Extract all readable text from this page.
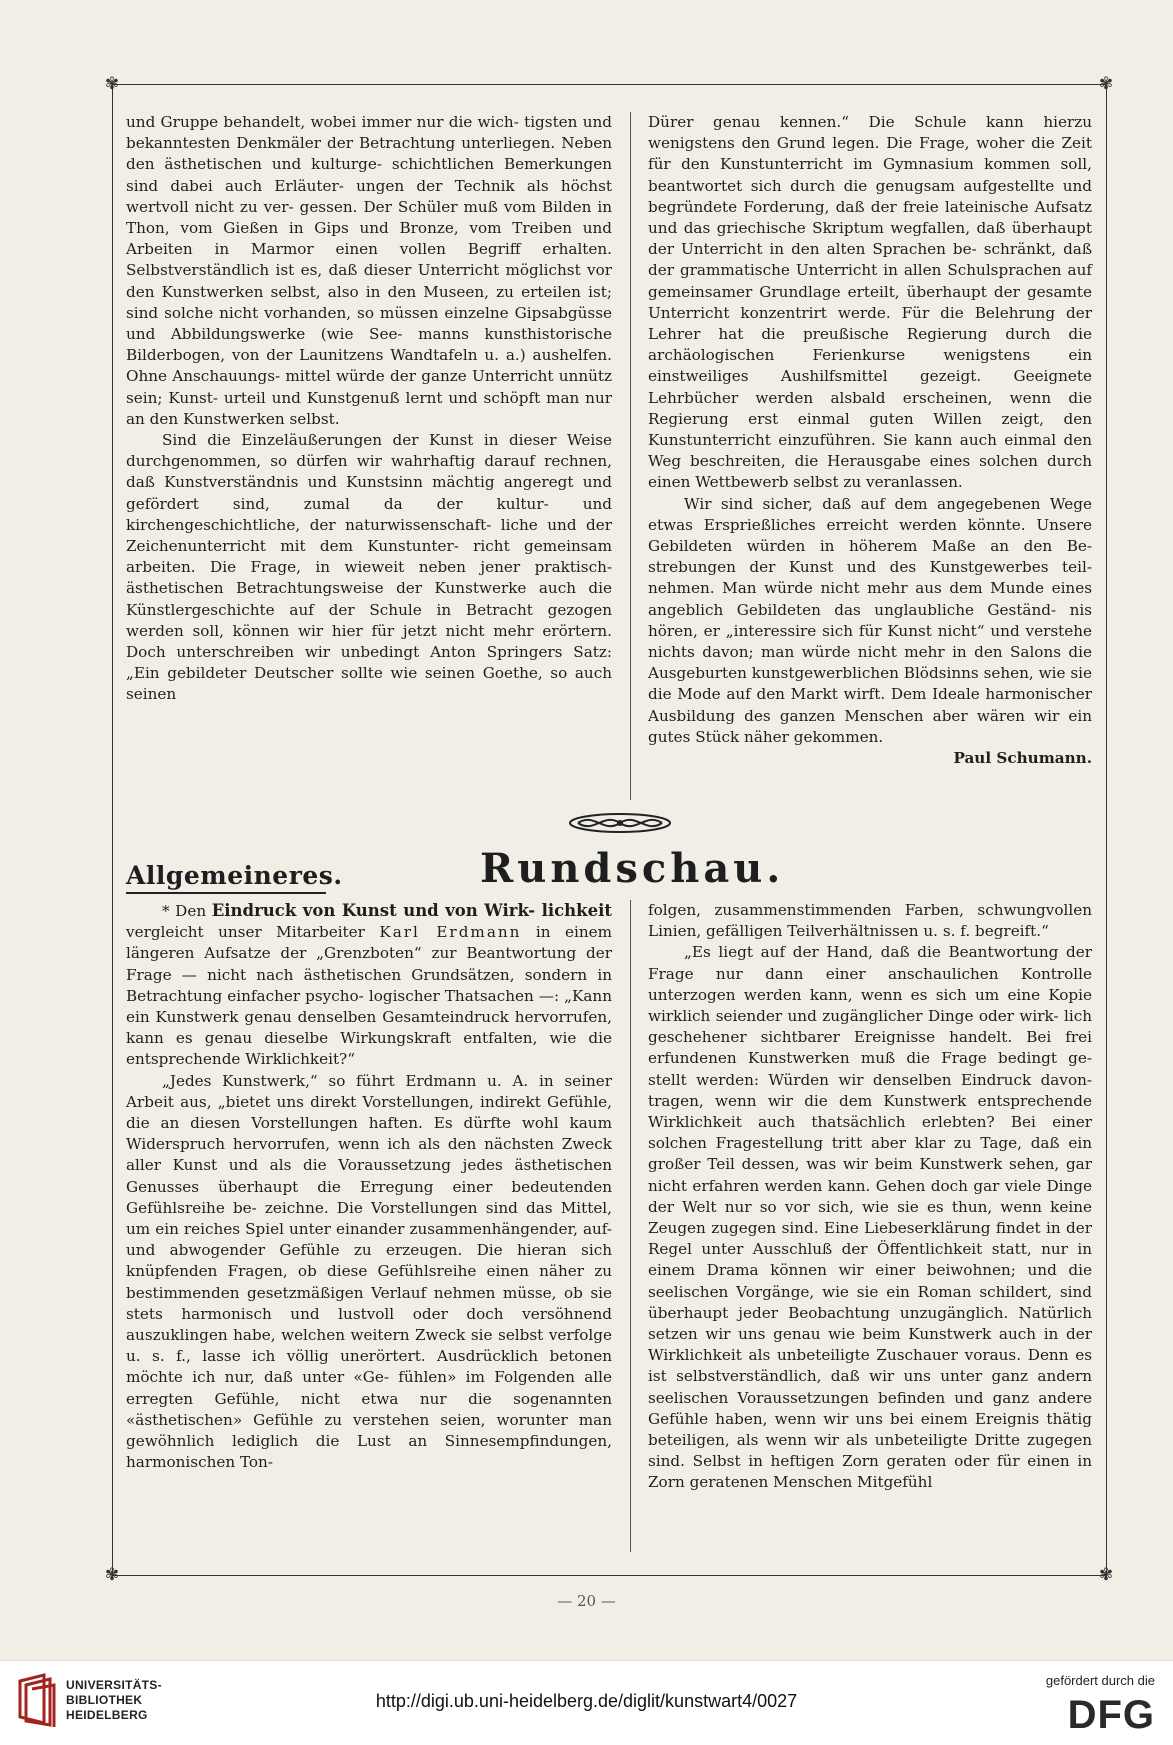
✾	✾
✾	✾

und Gruppe behandelt, wobei immer nur die wich- tigsten und bekanntesten Denkmäler der Betrachtung unterliegen. Neben den ästhetischen und kulturge- schichtlichen Bemerkungen sind dabei auch Erläuter- ungen der Technik als höchst wertvoll nicht zu ver- gessen. Der Schüler muß vom Bilden in Thon, vom Gießen in Gips und Bronze, vom Treiben und Arbeiten in Marmor einen vollen Begriff erhalten. Selbstverständlich ist es, daß dieser Unterricht möglichst vor den Kunstwerken selbst, also in den Museen, zu erteilen ist; sind solche nicht vorhanden, so müssen einzelne Gipsabgüsse und Abbildungswerke (wie See- manns kunsthistorische Bilderbogen, von der Launitzens Wandtafeln u. a.) aushelfen. Ohne Anschauungs- mittel würde der ganze Unterricht unnütz sein; Kunst- urteil und Kunstgenuß lernt und schöpft man nur an den Kunstwerken selbst.

Sind die Einzeläußerungen der Kunst in dieser Weise durchgenommen, so dürfen wir wahrhaftig darauf rechnen, daß Kunstverständnis und Kunstsinn mächtig angeregt und gefördert sind, zumal da der kultur- und kirchengeschichtliche, der naturwissenschaft- liche und der Zeichenunterricht mit dem Kunstunter- richt gemeinsam arbeiten. Die Frage, in wieweit neben jener praktisch-ästhetischen Betrachtungsweise der Kunstwerke auch die Künstlergeschichte auf der Schule in Betracht gezogen werden soll, können wir hier für jetzt nicht mehr erörtern. Doch unterschreiben wir unbedingt Anton Springers Satz: „Ein gebildeter Deutscher sollte wie seinen Goethe, so auch seinen

Dürer genau kennen.“ Die Schule kann hierzu wenigstens den Grund legen. Die Frage, woher die Zeit für den Kunstunterricht im Gymnasium kommen soll, beantwortet sich durch die genugsam aufgestellte und begründete Forderung, daß der freie lateinische Aufsatz und das griechische Skriptum wegfallen, daß überhaupt der Unterricht in den alten Sprachen be- schränkt, daß der grammatische Unterricht in allen Schulsprachen auf gemeinsamer Grundlage erteilt, überhaupt der gesamte Unterricht konzentrirt werde. Für die Belehrung der Lehrer hat die preußische Regierung durch die archäologischen Ferienkurse wenigstens ein einstweiliges Aushilfsmittel gezeigt. Geeignete Lehrbücher werden alsbald erscheinen, wenn die Regierung erst einmal guten Willen zeigt, den Kunstunterricht einzuführen. Sie kann auch einmal den Weg beschreiten, die Herausgabe eines solchen durch einen Wettbewerb selbst zu veranlassen.

Wir sind sicher, daß auf dem angegebenen Wege etwas Ersprießliches erreicht werden könnte. Unsere Gebildeten würden in höherem Maße an den Be- strebungen der Kunst und des Kunstgewerbes teil- nehmen. Man würde nicht mehr aus dem Munde eines angeblich Gebildeten das unglaubliche Geständ- nis hören, er „interessire sich für Kunst nicht“ und verstehe nichts davon; man würde nicht mehr in den Salons die Ausgeburten kunstgewerblichen Blödsinns sehen, wie sie die Mode auf den Markt wirft. Dem Ideale harmonischer Ausbildung des ganzen Menschen aber wären wir ein gutes Stück näher gekommen.

Paul Schumann.

Allgemeineres.	Rundschau.

* Den Eindruck von Kunst und von Wirk- lichkeit vergleicht unser Mitarbeiter Karl Erdmann in einem längeren Aufsatze der „Grenzboten“ zur Beantwortung der Frage — nicht nach ästhetischen Grundsätzen, sondern in Betrachtung einfacher psycho- logischer Thatsachen —: „Kann ein Kunstwerk genau denselben Gesamteindruck hervorrufen, kann es genau dieselbe Wirkungskraft entfalten, wie die entsprechende Wirklichkeit?“

„Jedes Kunstwerk,“ so führt Erdmann u. A. in seiner Arbeit aus, „bietet uns direkt Vorstellungen, indirekt Gefühle, die an diesen Vorstellungen haften. Es dürfte wohl kaum Widerspruch hervorrufen, wenn ich als den nächsten Zweck aller Kunst und als die Voraussetzung jedes ästhetischen Genusses überhaupt die Erregung einer bedeutenden Gefühlsreihe be- zeichne. Die Vorstellungen sind das Mittel, um ein reiches Spiel unter einander zusammenhängender, auf- und abwogender Gefühle zu erzeugen. Die hieran sich knüpfenden Fragen, ob diese Gefühlsreihe einen näher zu bestimmenden gesetzmäßigen Verlauf nehmen müsse, ob sie stets harmonisch und lustvoll oder doch versöhnend auszuklingen habe, welchen weitern Zweck sie selbst verfolge u. s. f., lasse ich völlig unerörtert. Ausdrücklich betonen möchte ich nur, daß unter «Ge- fühlen» im Folgenden alle erregten Gefühle, nicht etwa nur die sogenannten «ästhetischen» Gefühle zu verstehen seien, worunter man gewöhnlich lediglich die Lust an Sinnesempfindungen, harmonischen Ton-

folgen, zusammenstimmenden Farben, schwungvollen Linien, gefälligen Teilverhältnissen u. s. f. begreift.“

„Es liegt auf der Hand, daß die Beantwortung der Frage nur dann einer anschaulichen Kontrolle unterzogen werden kann, wenn es sich um eine Kopie wirklich seiender und zugänglicher Dinge oder wirk- lich geschehener sichtbarer Ereignisse handelt. Bei frei erfundenen Kunstwerken muß die Frage bedingt ge- stellt werden: Würden wir denselben Eindruck davon- tragen, wenn wir die dem Kunstwerk entsprechende Wirklichkeit auch thatsächlich erlebten? Bei einer solchen Fragestellung tritt aber klar zu Tage, daß ein großer Teil dessen, was wir beim Kunstwerk sehen, gar nicht erfahren werden kann. Gehen doch gar viele Dinge der Welt nur so vor sich, wie sie es thun, wenn keine Zeugen zugegen sind. Eine Liebeserklärung findet in der Regel unter Ausschluß der Öffentlichkeit statt, nur in einem Drama können wir einer beiwohnen; und die seelischen Vorgänge, wie sie ein Roman schildert, sind überhaupt jeder Beobachtung unzugänglich. Natürlich setzen wir uns genau wie beim Kunstwerk auch in der Wirklichkeit als unbeteiligte Zuschauer voraus. Denn es ist selbstverständlich, daß wir uns unter ganz andern seelischen Voraussetzungen befinden und ganz andere Gefühle haben, wenn wir uns bei einem Ereignis thätig beteiligen, als wenn wir als unbeteiligte Dritte zugegen sind. Selbst in heftigen Zorn geraten oder für einen in Zorn geratenen Menschen Mitgefühl

— 20 —
UNIVERSITÄTS-
BIBLIOTHEK
HEIDELBERG
http://digi.ub.uni-heidelberg.de/diglit/kunstwart4/0027
gefördert durch die
DFG
